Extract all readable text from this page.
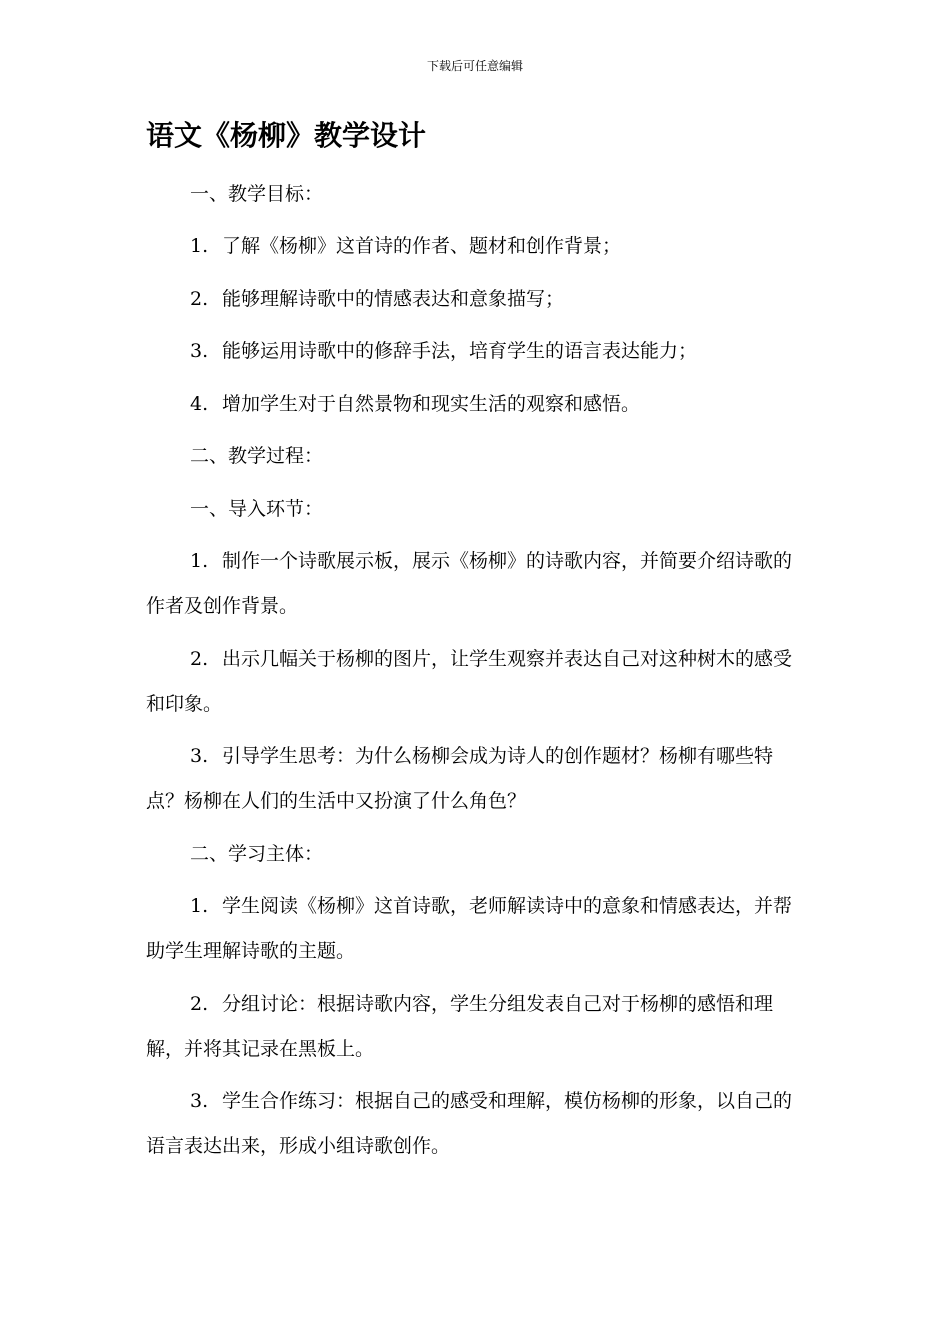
下载后可任意编辑
语文《杨柳》教学设计

一、教学目标：

1. 了解《杨柳》这首诗的作者、题材和创作背景；

2. 能够理解诗歌中的情感表达和意象描写；

3. 能够运用诗歌中的修辞手法，培育学生的语言表达能力；

4. 增加学生对于自然景物和现实生活的观察和感悟。

二、教学过程：

一、导入环节：

1. 制作一个诗歌展示板，展示《杨柳》的诗歌内容，并简要介绍诗歌的作者及创作背景。

2. 出示几幅关于杨柳的图片，让学生观察并表达自己对这种树木的感受和印象。

3. 引导学生思考：为什么杨柳会成为诗人的创作题材？杨柳有哪些特点？杨柳在人们的生活中又扮演了什么角色？

二、学习主体：

1. 学生阅读《杨柳》这首诗歌，老师解读诗中的意象和情感表达，并帮助学生理解诗歌的主题。

2. 分组讨论：根据诗歌内容，学生分组发表自己对于杨柳的感悟和理解，并将其记录在黑板上。

3. 学生合作练习：根据自己的感受和理解，模仿杨柳的形象，以自己的语言表达出来，形成小组诗歌创作。
